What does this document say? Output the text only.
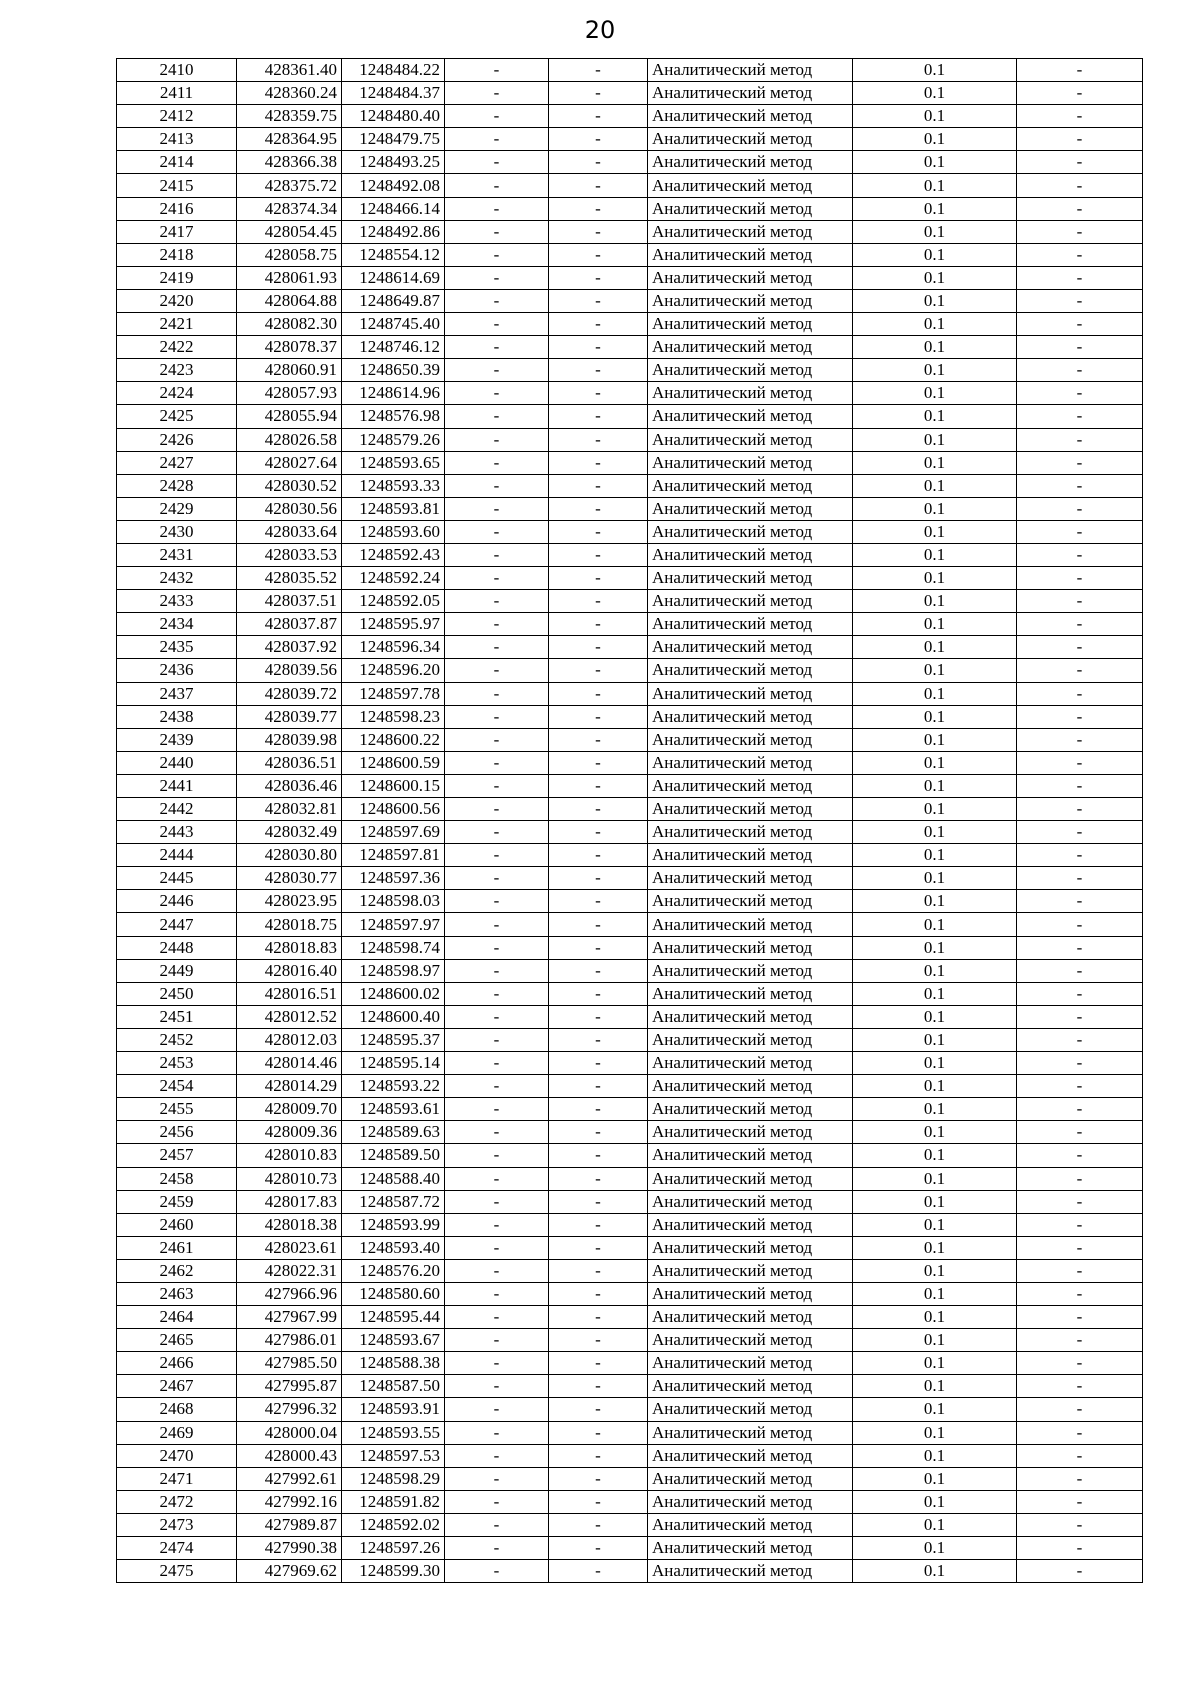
20
2410	428361.40	1248484.22	-	-	Аналитический метод	0.1	-
2411	428360.24	1248484.37	-	-	Аналитический метод	0.1	-
2412	428359.75	1248480.40	-	-	Аналитический метод	0.1	-
2413	428364.95	1248479.75	-	-	Аналитический метод	0.1	-
2414	428366.38	1248493.25	-	-	Аналитический метод	0.1	-
2415	428375.72	1248492.08	-	-	Аналитический метод	0.1	-
2416	428374.34	1248466.14	-	-	Аналитический метод	0.1	-
2417	428054.45	1248492.86	-	-	Аналитический метод	0.1	-
2418	428058.75	1248554.12	-	-	Аналитический метод	0.1	-
2419	428061.93	1248614.69	-	-	Аналитический метод	0.1	-
2420	428064.88	1248649.87	-	-	Аналитический метод	0.1	-
2421	428082.30	1248745.40	-	-	Аналитический метод	0.1	-
2422	428078.37	1248746.12	-	-	Аналитический метод	0.1	-
2423	428060.91	1248650.39	-	-	Аналитический метод	0.1	-
2424	428057.93	1248614.96	-	-	Аналитический метод	0.1	-
2425	428055.94	1248576.98	-	-	Аналитический метод	0.1	-
2426	428026.58	1248579.26	-	-	Аналитический метод	0.1	-
2427	428027.64	1248593.65	-	-	Аналитический метод	0.1	-
2428	428030.52	1248593.33	-	-	Аналитический метод	0.1	-
2429	428030.56	1248593.81	-	-	Аналитический метод	0.1	-
2430	428033.64	1248593.60	-	-	Аналитический метод	0.1	-
2431	428033.53	1248592.43	-	-	Аналитический метод	0.1	-
2432	428035.52	1248592.24	-	-	Аналитический метод	0.1	-
2433	428037.51	1248592.05	-	-	Аналитический метод	0.1	-
2434	428037.87	1248595.97	-	-	Аналитический метод	0.1	-
2435	428037.92	1248596.34	-	-	Аналитический метод	0.1	-
2436	428039.56	1248596.20	-	-	Аналитический метод	0.1	-
2437	428039.72	1248597.78	-	-	Аналитический метод	0.1	-
2438	428039.77	1248598.23	-	-	Аналитический метод	0.1	-
2439	428039.98	1248600.22	-	-	Аналитический метод	0.1	-
2440	428036.51	1248600.59	-	-	Аналитический метод	0.1	-
2441	428036.46	1248600.15	-	-	Аналитический метод	0.1	-
2442	428032.81	1248600.56	-	-	Аналитический метод	0.1	-
2443	428032.49	1248597.69	-	-	Аналитический метод	0.1	-
2444	428030.80	1248597.81	-	-	Аналитический метод	0.1	-
2445	428030.77	1248597.36	-	-	Аналитический метод	0.1	-
2446	428023.95	1248598.03	-	-	Аналитический метод	0.1	-
2447	428018.75	1248597.97	-	-	Аналитический метод	0.1	-
2448	428018.83	1248598.74	-	-	Аналитический метод	0.1	-
2449	428016.40	1248598.97	-	-	Аналитический метод	0.1	-
2450	428016.51	1248600.02	-	-	Аналитический метод	0.1	-
2451	428012.52	1248600.40	-	-	Аналитический метод	0.1	-
2452	428012.03	1248595.37	-	-	Аналитический метод	0.1	-
2453	428014.46	1248595.14	-	-	Аналитический метод	0.1	-
2454	428014.29	1248593.22	-	-	Аналитический метод	0.1	-
2455	428009.70	1248593.61	-	-	Аналитический метод	0.1	-
2456	428009.36	1248589.63	-	-	Аналитический метод	0.1	-
2457	428010.83	1248589.50	-	-	Аналитический метод	0.1	-
2458	428010.73	1248588.40	-	-	Аналитический метод	0.1	-
2459	428017.83	1248587.72	-	-	Аналитический метод	0.1	-
2460	428018.38	1248593.99	-	-	Аналитический метод	0.1	-
2461	428023.61	1248593.40	-	-	Аналитический метод	0.1	-
2462	428022.31	1248576.20	-	-	Аналитический метод	0.1	-
2463	427966.96	1248580.60	-	-	Аналитический метод	0.1	-
2464	427967.99	1248595.44	-	-	Аналитический метод	0.1	-
2465	427986.01	1248593.67	-	-	Аналитический метод	0.1	-
2466	427985.50	1248588.38	-	-	Аналитический метод	0.1	-
2467	427995.87	1248587.50	-	-	Аналитический метод	0.1	-
2468	427996.32	1248593.91	-	-	Аналитический метод	0.1	-
2469	428000.04	1248593.55	-	-	Аналитический метод	0.1	-
2470	428000.43	1248597.53	-	-	Аналитический метод	0.1	-
2471	427992.61	1248598.29	-	-	Аналитический метод	0.1	-
2472	427992.16	1248591.82	-	-	Аналитический метод	0.1	-
2473	427989.87	1248592.02	-	-	Аналитический метод	0.1	-
2474	427990.38	1248597.26	-	-	Аналитический метод	0.1	-
2475	427969.62	1248599.30	-	-	Аналитический метод	0.1	-
